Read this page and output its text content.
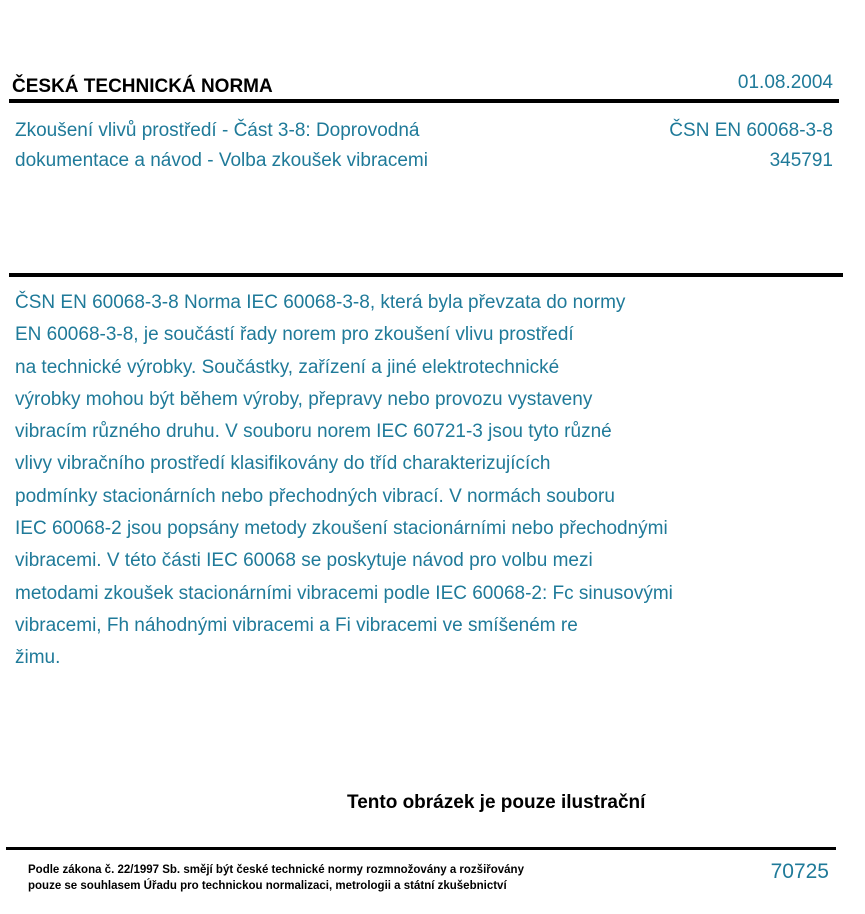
ČESKÁ TECHNICKÁ NORMA	01.08.2004
Zkoušení vlivů prostředí - Část 3-8: Doprovodná
dokumentace a návod - Volba zkoušek vibracemi
ČSN EN 60068-3-8
345791
ČSN EN 60068-3-8 Norma IEC 60068-3-8, která byla převzata do normy
EN 60068-3-8, je součástí řady norem pro zkoušení vlivu prostředí
na technické výrobky. Součástky, zařízení a jiné elektrotechnické
výrobky mohou být během výroby, přepravy nebo provozu vystaveny
vibracím různého druhu. V souboru norem IEC 60721-3 jsou tyto různé
vlivy vibračního prostředí klasifikovány do tříd charakterizujících
podmínky stacionárních nebo přechodných vibrací. V normách souboru
IEC 60068-2 jsou popsány metody zkoušení stacionárními nebo přechodnými
vibracemi. V této části IEC 60068 se poskytuje návod pro volbu mezi
metodami zkoušek stacionárními vibracemi podle IEC 60068-2: Fc sinusovými
vibracemi, Fh náhodnými vibracemi a Fi vibracemi ve smíšeném re
žimu.
Tento obrázek je pouze ilustrační
Podle zákona č. 22/1997 Sb. smějí být české technické normy rozmnožovány a rozšiřovány
pouze se souhlasem Úřadu pro technickou normalizaci, metrologii a státní zkušebnictví
70725
